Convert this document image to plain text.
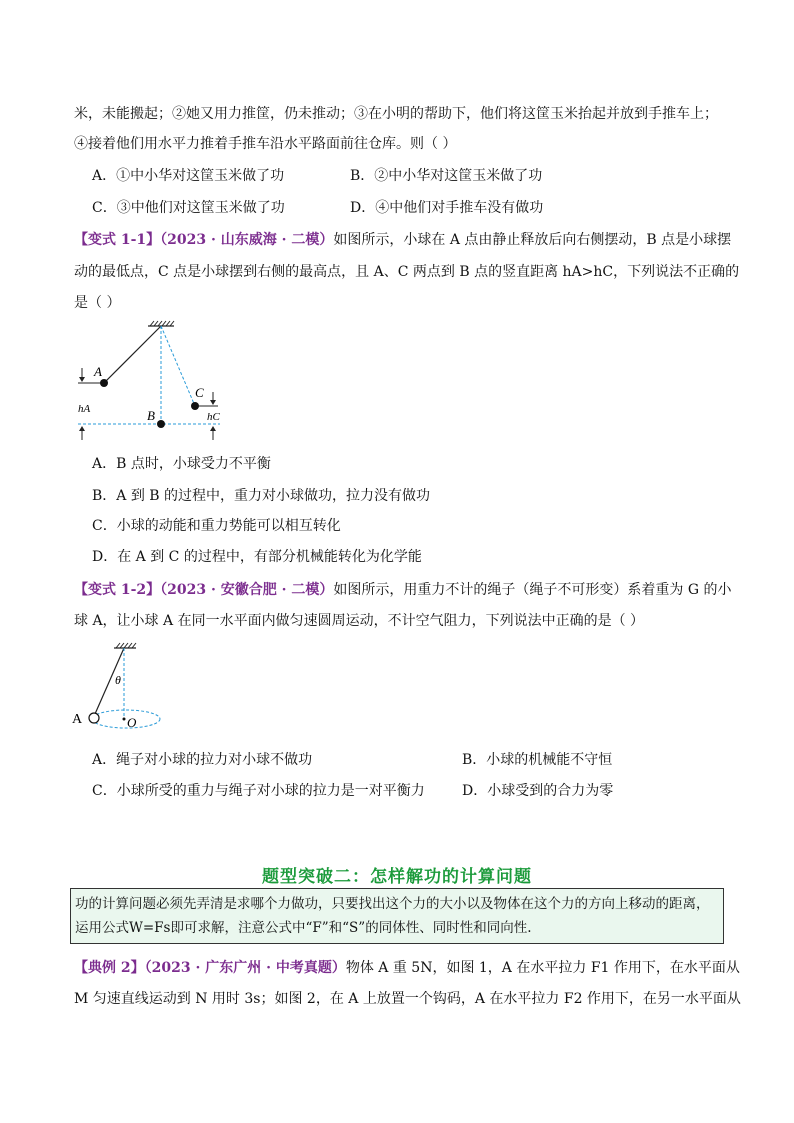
米，未能搬起；②她又用力推筐，仍未推动；③在小明的帮助下，他们将这筐玉米抬起并放到手推车上；
④接着他们用水平力推着手推车沿水平路面前往仓库。则（ ）
A．①中小华对这筐玉米做了功	B．②中小华对这筐玉米做了功
C．③中他们对这筐玉米做了功	D．④中他们对手推车没有做功
【变式 1-1】（2023 · 山东威海 · 二模）如图所示，小球在 A 点由静止释放后向右侧摆动，B 点是小球摆
动的最低点，C 点是小球摆到右侧的最高点，且 A、C 两点到 B 点的竖直距离 hA>hC，下列说法不正确的
是（ ）
A
B
C
hA
hC
A．B 点时，小球受力不平衡
B．A 到 B 的过程中，重力对小球做功，拉力没有做功
C．小球的动能和重力势能可以相互转化
D．在 A 到 C 的过程中，有部分机械能转化为化学能
【变式 1-2】（2023 · 安徽合肥 · 二模）如图所示，用重力不计的绳子（绳子不可形变）系着重为 G 的小
球 A，让小球 A 在同一水平面内做匀速圆周运动，不计空气阻力，下列说法中正确的是（ ）
A	O
θ
A．绳子对小球的拉力对小球不做功	B．小球的机械能不守恒
C．小球所受的重力与绳子对小球的拉力是一对平衡力	D．小球受到的合力为零
题型突破二：怎样解功的计算问题
功的计算问题必须先弄清是求哪个力做功，只要找出这个力的大小以及物体在这个力的方向上移动的距离，
运用公式W=Fs即可求解，注意公式中“F”和“S”的同体性、同时性和同向性.
【典例 2】（2023 · 广东广州 · 中考真题）物体 A 重 5N，如图 1，A 在水平拉力 F1 作用下，在水平面从
M 匀速直线运动到 N 用时 3s；如图 2，在 A 上放置一个钩码，A 在水平拉力 F2 作用下，在另一水平面从
